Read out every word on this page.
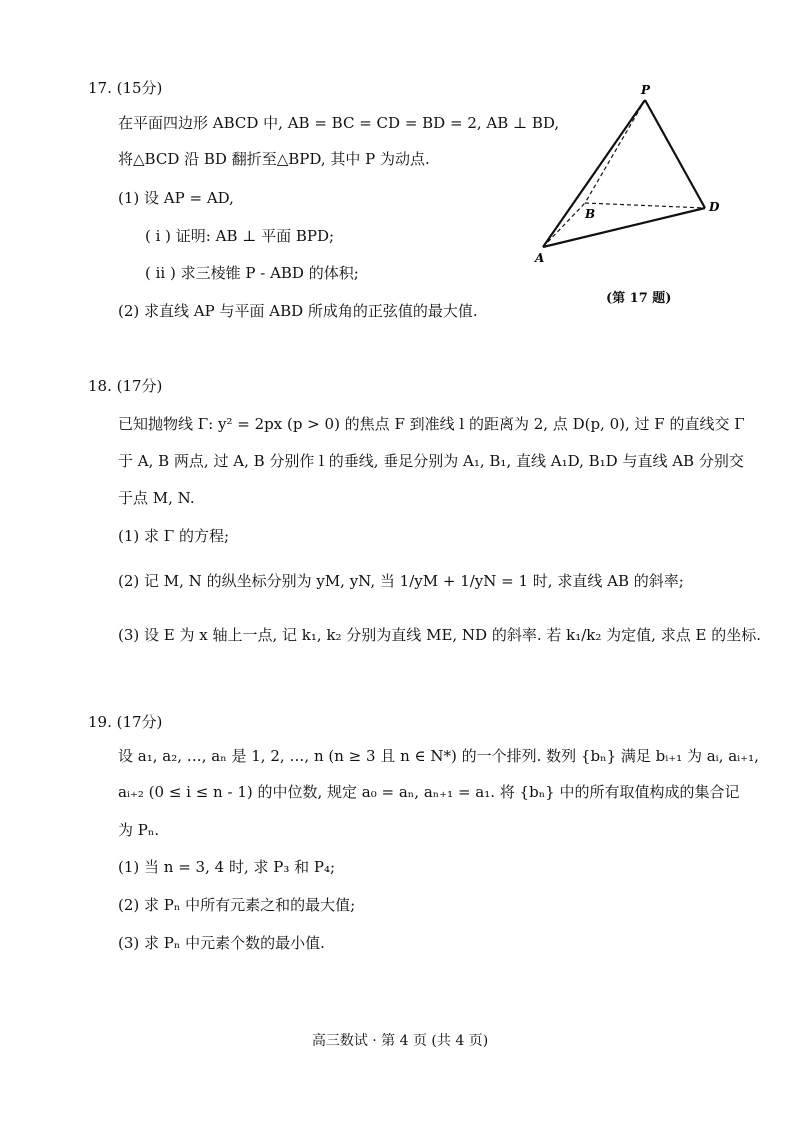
17. (15分)
在平面四边形 ABCD 中, AB = BC = CD = BD = 2, AB ⊥ BD,
将△BCD 沿 BD 翻折至△BPD, 其中 P 为动点.
(1) 设 AP = AD,
( i ) 证明: AB ⊥ 平面 BPD;
( ii ) 求三棱锥 P - ABD 的体积;
(2) 求直线 AP 与平面 ABD 所成角的正弦值的最大值.
P
B	D
A
(第 17 题)
18. (17分)
已知抛物线 Γ: y² = 2px (p > 0) 的焦点 F 到准线 l 的距离为 2, 点 D(p, 0), 过 F 的直线交 Γ
于 A, B 两点, 过 A, B 分别作 l 的垂线, 垂足分别为 A₁, B₁, 直线 A₁D, B₁D 与直线 AB 分别交
于点 M, N.
(1) 求 Γ 的方程;
(2) 记 M, N 的纵坐标分别为 yM, yN, 当 1/yM + 1/yN = 1 时, 求直线 AB 的斜率;
(3) 设 E 为 x 轴上一点, 记 k₁, k₂ 分别为直线 ME, ND 的斜率. 若 k₁/k₂ 为定值, 求点 E 的坐标.
19. (17分)
设 a₁, a₂, …, aₙ 是 1, 2, …, n (n ≥ 3 且 n ∈ N*) 的一个排列. 数列 {bₙ} 满足 bᵢ₊₁ 为 aᵢ, aᵢ₊₁,
aᵢ₊₂ (0 ≤ i ≤ n - 1) 的中位数, 规定 a₀ = aₙ, aₙ₊₁ = a₁. 将 {bₙ} 中的所有取值构成的集合记
为 Pₙ.
(1) 当 n = 3, 4 时, 求 P₃ 和 P₄;
(2) 求 Pₙ 中所有元素之和的最大值;
(3) 求 Pₙ 中元素个数的最小值.
高三数试 · 第 4 页 (共 4 页)
